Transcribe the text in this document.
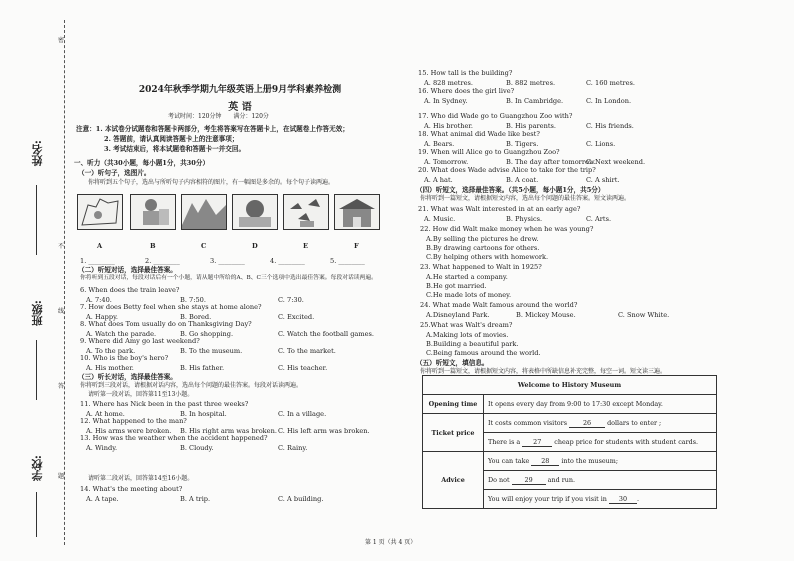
密
不
线
答
题
姓名:
班级:
学校:
2024年秋季学期九年级英语上册9月学科素养检测
英 语
考试时间：120分钟　　满分：120分
注意：1. 本试卷分试题卷和答题卡两部分，考生将答案写在答题卡上，在试题卷上作答无效；
2. 答题前，请认真阅读答题卡上的注意事项；
3. 考试结束后，将本试题卷和答题卡一并交回。
一、听力（共30小题，每小题1分，共30分）
（一）听句子，选图片。
你将听到五个句子，选出与所听句子内容相符的图片，有一幅图是多余的。每个句子读两遍。
A	B	C	D	E	F
1. ________	2. ________	3. ________	4. ________	5. ________
（二）听短对话，选择最佳答案。
你将听到五段对话，每段对话后有一个小题，请从题中所给的A、B、C三个选项中选出最佳答案。每段对话读两遍。
6. When does the train leave?
A. 7:40.	B. 7:50.	C. 7:30.
7. How does Betty feel when she stays at home alone?
A. Happy.	B. Bored.	C. Excited.
8. What does Tom usually do on Thanksgiving Day?
A. Watch the parade.	B. Go shopping.	C. Watch the football games.
9. Where did Amy go last weekend?
A. To the park.	B. To the museum.	C. To the market.
10. Who is the boy's hero?
A. His mother.	B. His father.	C. His teacher.
11. Where has Nick been in the past three weeks?
A. At home.	B. In hospital.	C. In a village.
12. What happened to the man?
A. His arms were broken. B. His right arm was broken. C. His left arm was broken.
13. How was the weather when the accident happened?
A. Windy.	B. Cloudy.	C. Rainy.
14. What's the meeting about?
A. A tape.	B. A trip.	C. A building.
（三）听长对话，选择最佳答案。
你将听到三段对话，请根据对话内容，选出每个问题的最佳答案。每段对话读两遍。
请听第一段对话，回答第11至13小题。
请听第二段对话，回答第14至16小题。
15. How tall is the building?
A. 828 metres.	B. 882 metres.	C. 160 metres.
16. Where does the girl live?
A. In Sydney.	B. In Cambridge.	C. In London.
17. Who did Wade go to Guangzhou Zoo with?
A. His brother.	B. His parents.	C. His friends.
18. What animal did Wade like best?
A. Bears.	B. Tigers.	C. Lions.
19. When will Alice go to Guangzhou Zoo?
A. Tomorrow.	B. The day after tomorrow.
C. Next weekend.
20. What does Wade advise Alice to take for the trip?
A. A hat.	B. A coat.	C. A shirt.
21. What was Walt interested in at an early age?
A. Music.	B. Physics.	C. Arts.
（四）听短文，选择最佳答案。（共5小题，每小题1分，共5分）
你将听到一篇短文，请根据短文内容，选出每个问题的最佳答案。短文读两遍。
（五）听短文，填信息。
你将听到一篇短文，请根据短文内容，将表格中所缺信息补充完整，每空一词。短文读三遍。
22. How did Walt make money when he was young?
A.By selling the pictures he drew.
B.By drawing cartoons for others.
C.By helping others with homework.
23. What happened to Walt in 1925?
A.He started a company.
B.He got married.
C.He made lots of money.
24. What made Walt famous around the world?
A.Disneyland Park.	B. Mickey Mouse.	C. Snow White.
25.What was Walt's dream?
A.Making lots of movies.
B.Building a beautiful park.
C.Being famous around the world.
Welcome to History Museum	
Opening time	It opens every day from 9:00 to 17:30 except Monday.
Ticket price	It costs common visitors 26 dollars to enter ;
	There is a 27 cheap price for students with student cards.
Advice	You can take 28 into the museum;
	Do not 29 and run.
	You will enjoy your trip if you visit in 30 .
第 1 页（共 4 页）
